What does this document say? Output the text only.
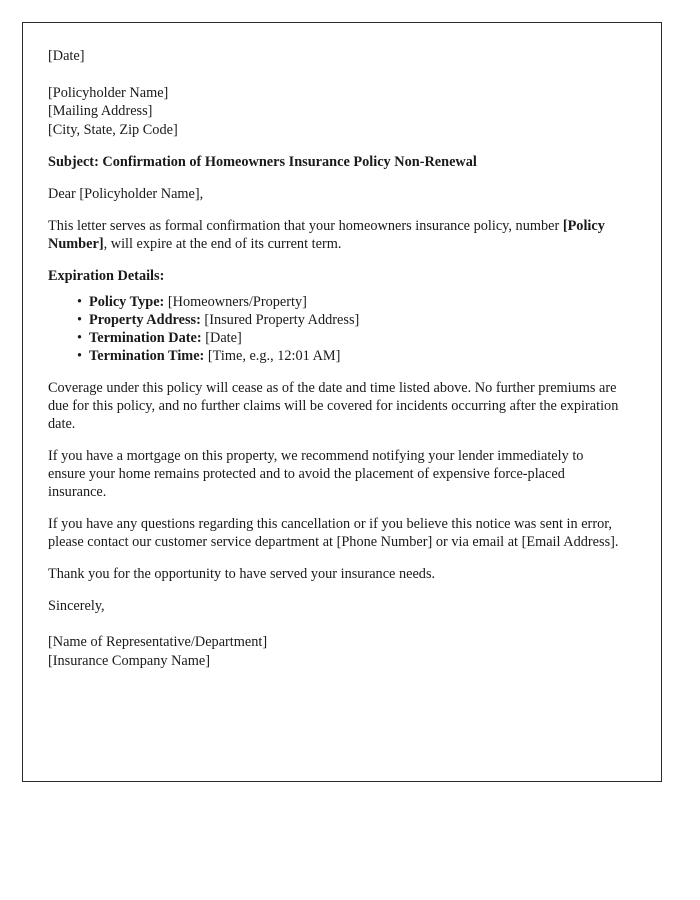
[Date]

[Policyholder Name]
[Mailing Address]
[City, State, Zip Code]

Subject: Confirmation of Homeowners Insurance Policy Non-Renewal

Dear [Policyholder Name],

This letter serves as formal confirmation that your homeowners insurance policy, number [Policy Number], will expire at the end of its current term.

Expiration Details:

• Policy Type: [Homeowners/Property]
• Property Address: [Insured Property Address]
• Termination Date: [Date]
• Termination Time: [Time, e.g., 12:01 AM]

Coverage under this policy will cease as of the date and time listed above. No further premiums are due for this policy, and no further claims will be covered for incidents occurring after the expiration date.

If you have a mortgage on this property, we recommend notifying your lender immediately to ensure your home remains protected and to avoid the placement of expensive force-placed insurance.

If you have any questions regarding this cancellation or if you believe this notice was sent in error, please contact our customer service department at [Phone Number] or via email at [Email Address].

Thank you for the opportunity to have served your insurance needs.

Sincerely,

[Name of Representative/Department]
[Insurance Company Name]
